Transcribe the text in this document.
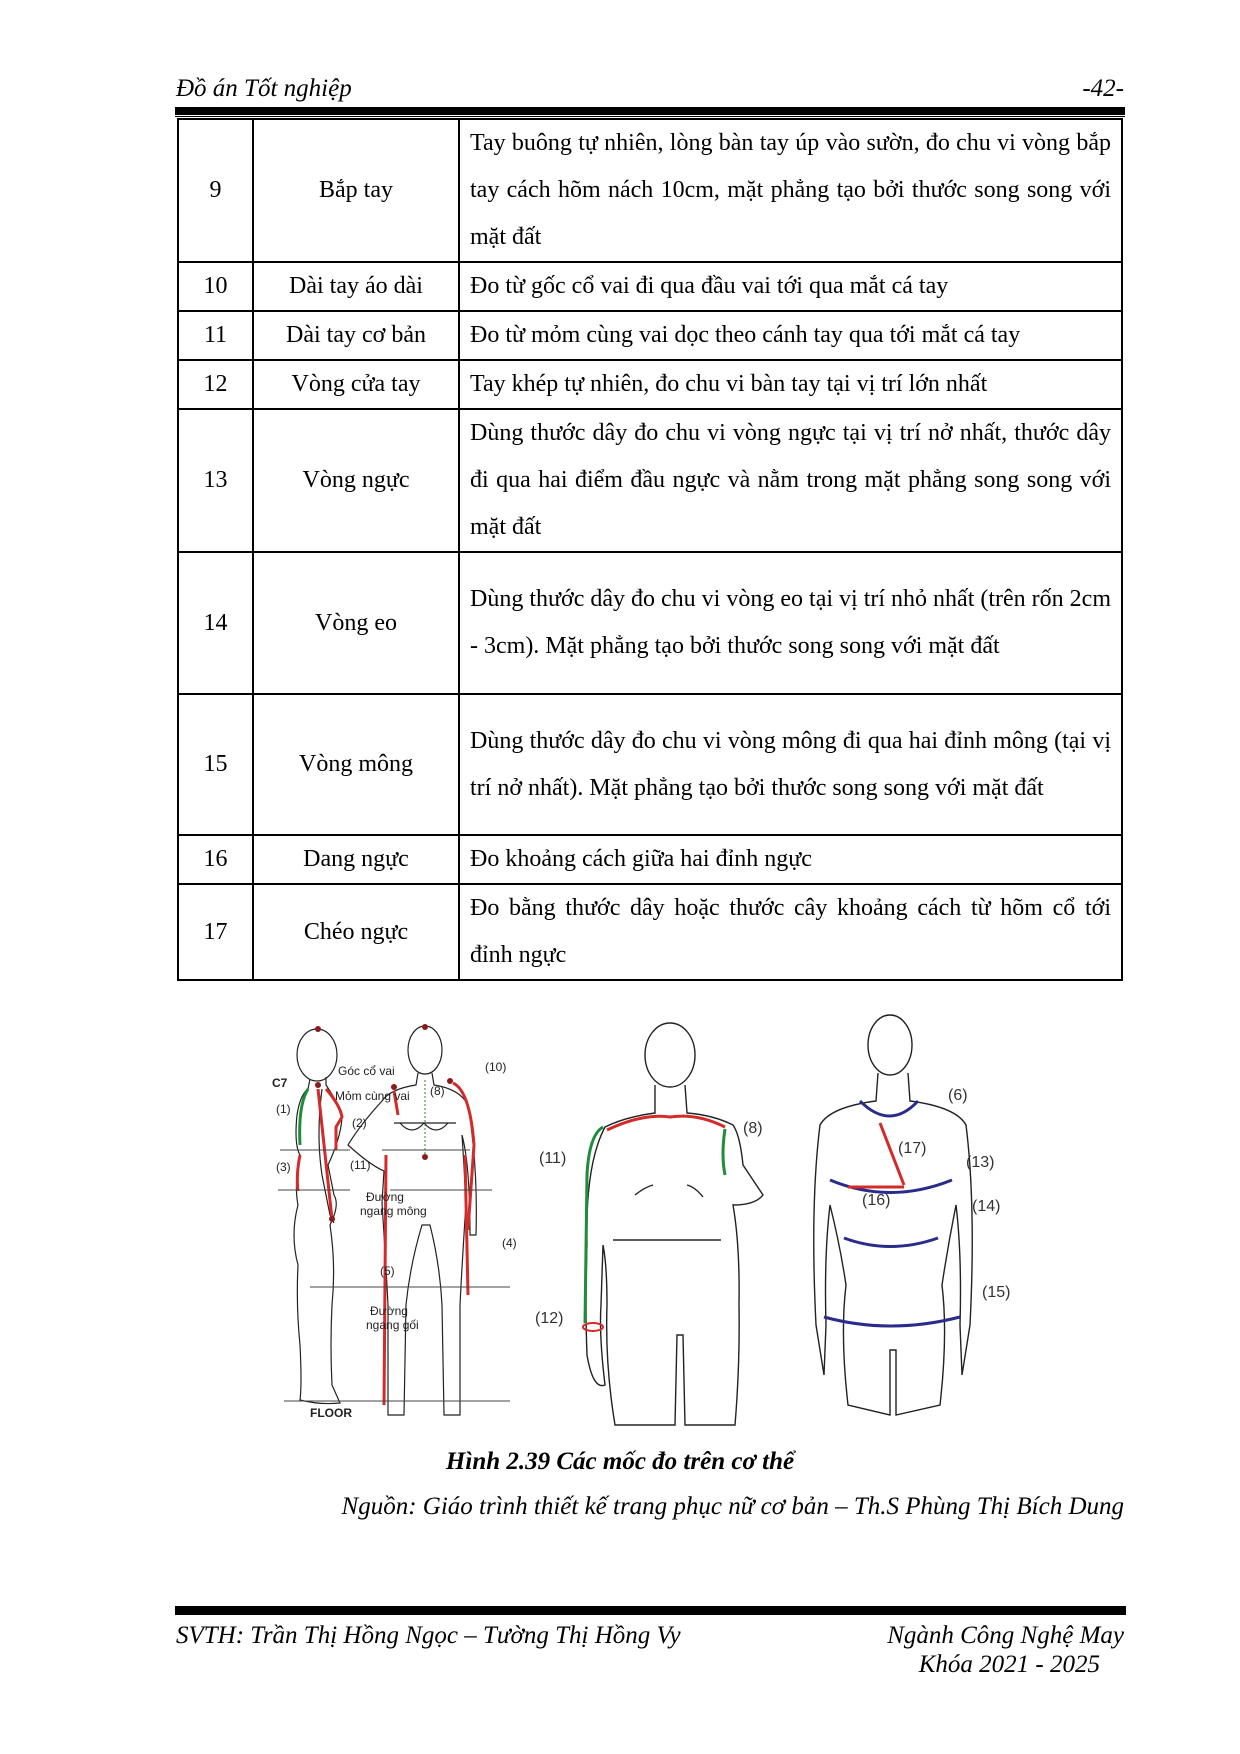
Đồ án Tốt nghiệp	-42-
9	Bắp tay	Tay buông tự nhiên, lòng bàn tay úp vào sườn, đo chu vi vòng bắp tay cách hõm nách 10cm, mặt phẳng tạo bởi thước song song với mặt đất
10	Dài tay áo dài	Đo từ gốc cổ vai đi qua đầu vai tới qua mắt cá tay
11	Dài tay cơ bản	Đo từ mỏm cùng vai dọc theo cánh tay qua tới mắt cá tay
12	Vòng cửa tay	Tay khép tự nhiên, đo chu vi bàn tay tại vị trí lớn nhất
13	Vòng ngực	Dùng thước dây đo chu vi vòng ngực tại vị trí nở nhất, thước dây đi qua hai điểm đầu ngực và nằm trong mặt phẳng song song với mặt đất
14	Vòng eo	Dùng thước dây đo chu vi vòng eo tại vị trí nhỏ nhất (trên rốn 2cm - 3cm). Mặt phẳng tạo bởi thước song song với mặt đất
15	Vòng mông	Dùng thước dây đo chu vi vòng mông đi qua hai đỉnh mông (tại vị trí nở nhất). Mặt phẳng tạo bởi thước song song với mặt đất
16	Dang ngực	Đo khoảng cách giữa hai đỉnh ngực
17	Chéo ngực	Đo bằng thước dây hoặc thước cây khoảng cách từ hõm cổ tới đỉnh ngực
C7
Góc cổ vai
Mỏm cùng vai
(1)
(2)
(3)	(11)
Đường
ngang mông
(8)
(10)
(4)
(5)
Đường
ngang gối
FLOOR
(11)
(8)
(12)
(6)
(17)
(13)
(16)	(14)
(15)
Hình 2.39 Các mốc đo trên cơ thể
Nguồn: Giáo trình thiết kế trang phục nữ cơ bản – Th.S Phùng Thị Bích Dung
SVTH: Trần Thị Hồng Ngọc – Tường Thị Hồng Vy	Ngành Công Nghệ May
Khóa 2021 - 2025
